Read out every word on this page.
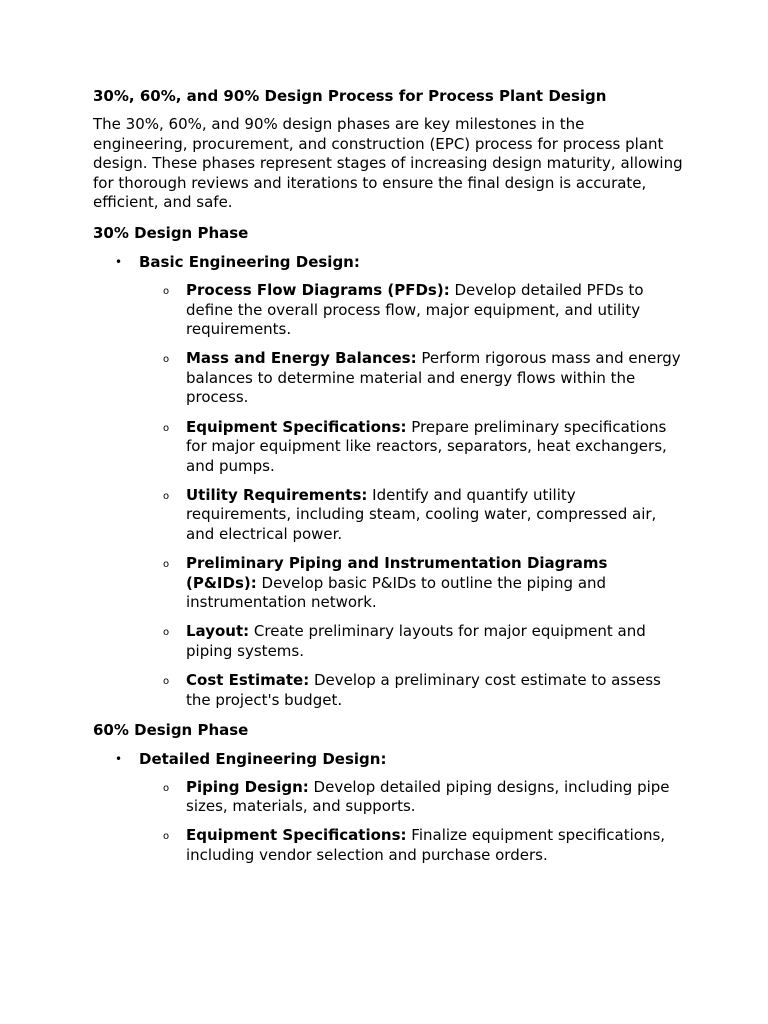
30%, 60%, and 90% Design Process for Process Plant Design
The 30%, 60%, and 90% design phases are key milestones in the engineering, procurement, and construction (EPC) process for process plant design. These phases represent stages of increasing design maturity, allowing for thorough reviews and iterations to ensure the final design is accurate, efficient, and safe.
30% Design Phase
• Basic Engineering Design:
o Process Flow Diagrams (PFDs): Develop detailed PFDs to define the overall process flow, major equipment, and utility requirements.
o Mass and Energy Balances: Perform rigorous mass and energy balances to determine material and energy flows within the process.
o Equipment Specifications: Prepare preliminary specifications for major equipment like reactors, separators, heat exchangers, and pumps.
o Utility Requirements: Identify and quantify utility requirements, including steam, cooling water, compressed air, and electrical power.
o Preliminary Piping and Instrumentation Diagrams (P&IDs): Develop basic P&IDs to outline the piping and instrumentation network.
o Layout: Create preliminary layouts for major equipment and piping systems.
o Cost Estimate: Develop a preliminary cost estimate to assess the project's budget.
60% Design Phase
• Detailed Engineering Design:
o Piping Design: Develop detailed piping designs, including pipe sizes, materials, and supports.
o Equipment Specifications: Finalize equipment specifications, including vendor selection and purchase orders.
